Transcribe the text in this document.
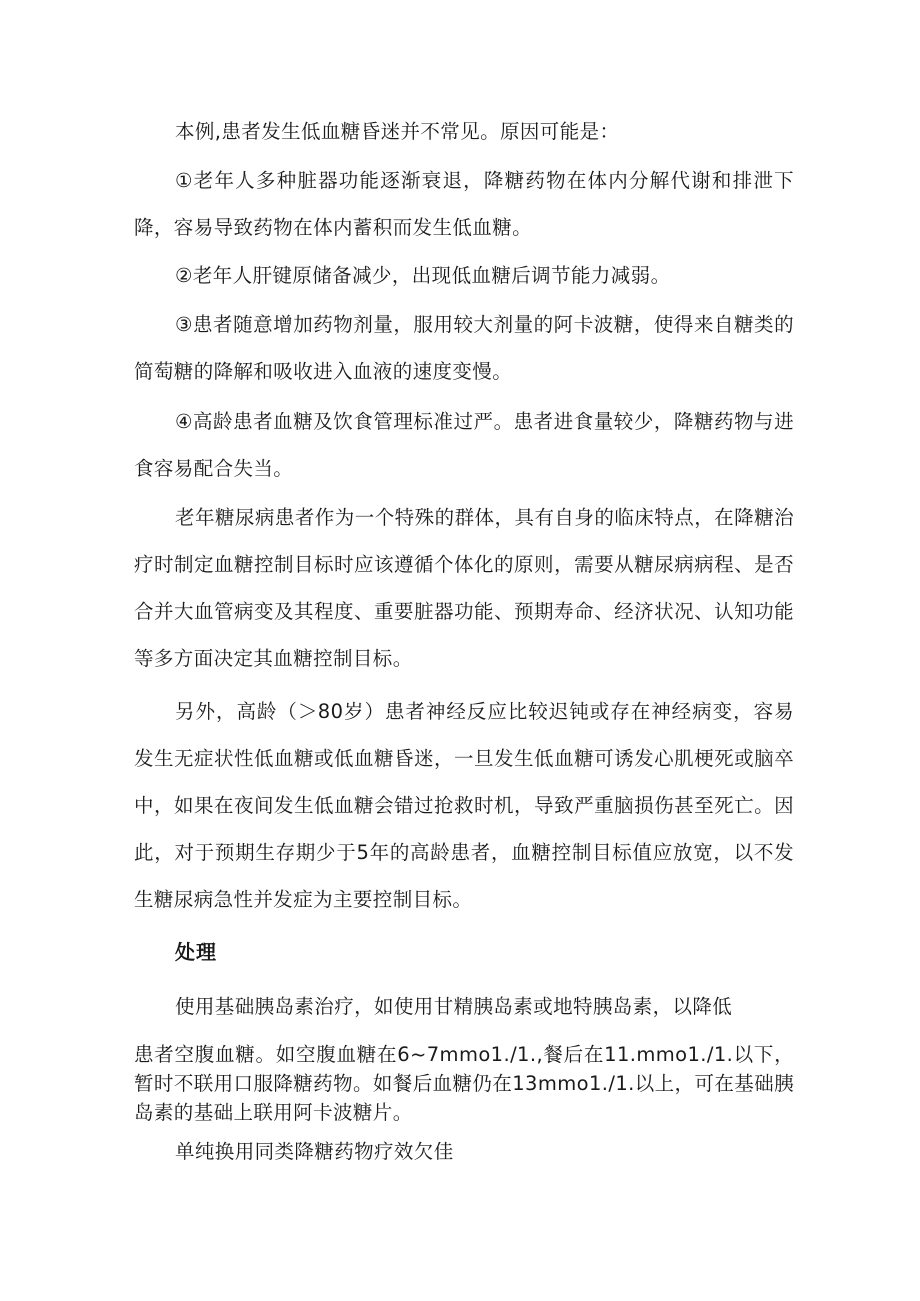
本例,患者发生低血糖昏迷并不常见。原因可能是：

①老年人多种脏器功能逐渐衰退，降糖药物在体内分解代谢和排泄下降，容易导致药物在体内蓄积而发生低血糖。

②老年人肝键原储备减少，出现低血糖后调节能力减弱。

③患者随意增加药物剂量，服用较大剂量的阿卡波糖，使得来自糖类的简萄糖的降解和吸收进入血液的速度变慢。

④高龄患者血糖及饮食管理标准过严。患者进食量较少，降糖药物与进食容易配合失当。

老年糖尿病患者作为一个特殊的群体，具有自身的临床特点，在降糖治疗时制定血糖控制目标时应该遵循个体化的原则，需要从糖尿病病程、是否合并大血管病变及其程度、重要脏器功能、预期寿命、经济状况、认知功能等多方面决定其血糖控制目标。

另外，高龄（＞80岁）患者神经反应比较迟钝或存在神经病变，容易发生无症状性低血糖或低血糖昏迷，一旦发生低血糖可诱发心肌梗死或脑卒中，如果在夜间发生低血糖会错过抢救时机，导致严重脑损伤甚至死亡。因此，对于预期生存期少于5年的高龄患者，血糖控制目标值应放宽，以不发生糖尿病急性并发症为主要控制目标。

处理

使用基础胰岛素治疗，如使用甘精胰岛素或地特胰岛素，以降低

患者空腹血糖。如空腹血糖在6~7mmo1./1.,餐后在11.mmo1./1.以下，暂时不联用口服降糖药物。如餐后血糖仍在13mmo1./1.以上，可在基础胰岛素的基础上联用阿卡波糖片。

单纯换用同类降糖药物疗效欠佳
